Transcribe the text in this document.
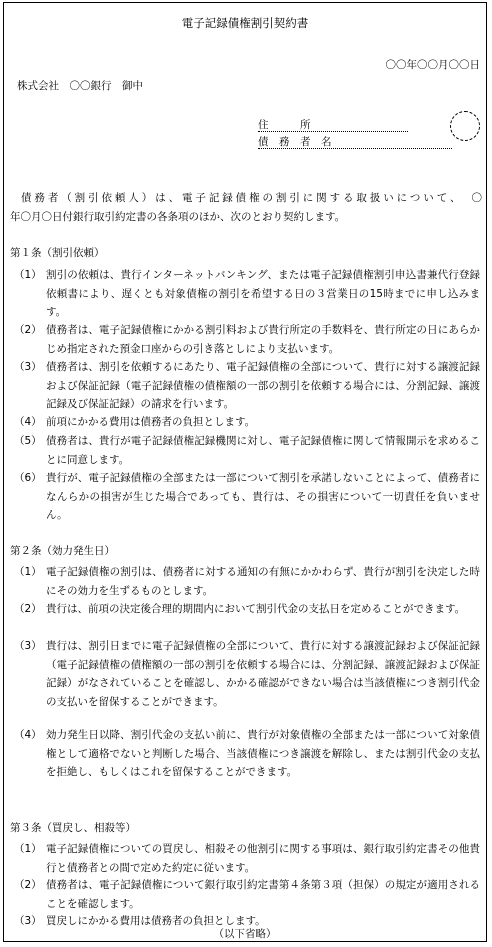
電子記録債権割引契約書
〇〇年〇〇月〇〇日
株式会社　〇〇銀行　御中
住　　　所
債　務　者　名
債務者（割引依頼人）は、電子記録債権の割引に関する取扱いについて、　〇
年〇月〇日付銀行取引約定書の各条項のほか、次のとおり契約します。
第１条（割引依頼）
（1） 割引の依頼は、貴行インターネットバンキング、または電子記録債権割引申込書兼代行登録依頼書により、遅くとも対象債権の割引を希望する日の３営業日の15時までに申し込みます。
（2） 債務者は、電子記録債権にかかる割引料および貴行所定の手数料を、貴行所定の日にあらかじめ指定された預金口座からの引き落としにより支払います。
（3） 債務者は、割引を依頼するにあたり、電子記録債権の全部について、貴行に対する譲渡記録および保証記録（電子記録債権の債権額の一部の割引を依頼する場合には、分割記録、譲渡記録及び保証記録）の請求を行います。
（4） 前項にかかる費用は債務者の負担とします。
（5） 債務者は、貴行が電子記録債権記録機関に対し、電子記録債権に関して情報開示を求めることに同意します。
（6） 貴行が、電子記録債権の全部または一部について割引を承諾しないことによって、債務者になんらかの損害が生じた場合であっても、貴行は、その損害について一切責任を負いません。
第２条（効力発生日）
（1） 電子記録債権の割引は、債務者に対する通知の有無にかかわらず、貴行が割引を決定した時にその効力を生ずるものとします。
（2） 貴行は、前項の決定後合理的期間内において割引代金の支払日を定めることができます。
（3） 貴行は、割引日までに電子記録債権の全部について、貴行に対する譲渡記録および保証記録（電子記録債権の債権額の一部の割引を依頼する場合には、分割記録、譲渡記録および保証記録）がなされていることを確認し、かかる確認ができない場合は当該債権につき割引代金の支払いを留保することができます。
（4） 効力発生日以降、割引代金の支払い前に、貴行が対象債権の全部または一部について対象債権として適格でないと判断した場合、当該債権につき譲渡を解除し、または割引代金の支払を拒絶し、もしくはこれを留保することができます。
第３条（買戻し、相殺等）
（1） 電子記録債権についての買戻し、相殺その他割引に関する事項は、銀行取引約定書その他貴行と債務者との間で定めた約定に従います。
（2） 債務者は、電子記録債権について銀行取引約定書第４条第３項（担保）の規定が適用されることを確認します。
（3） 買戻しにかかる費用は債務者の負担とします。
（以下省略）
